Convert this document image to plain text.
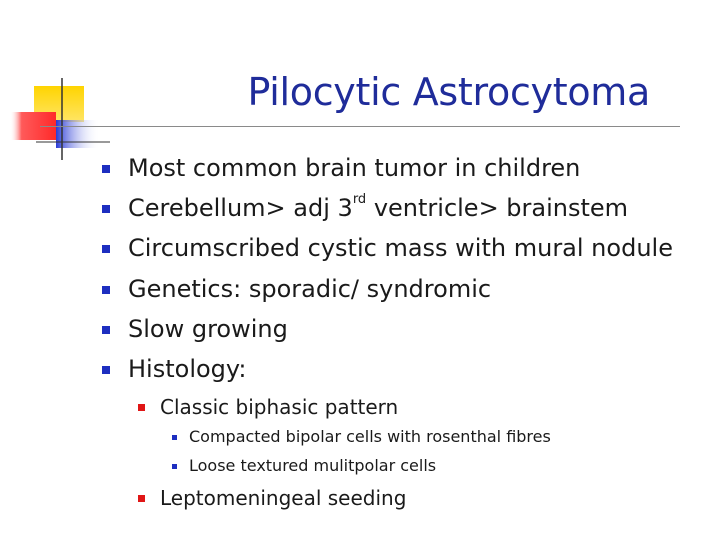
Pilocytic Astrocytoma
Most common brain tumor in children
Cerebellum> adj 3rd ventricle> brainstem
Circumscribed cystic mass with mural nodule
Genetics: sporadic/ syndromic
Slow growing
Histology:
Classic biphasic pattern
Compacted bipolar cells with rosenthal fibres
Loose textured mulitpolar cells
Leptomeningeal seeding
